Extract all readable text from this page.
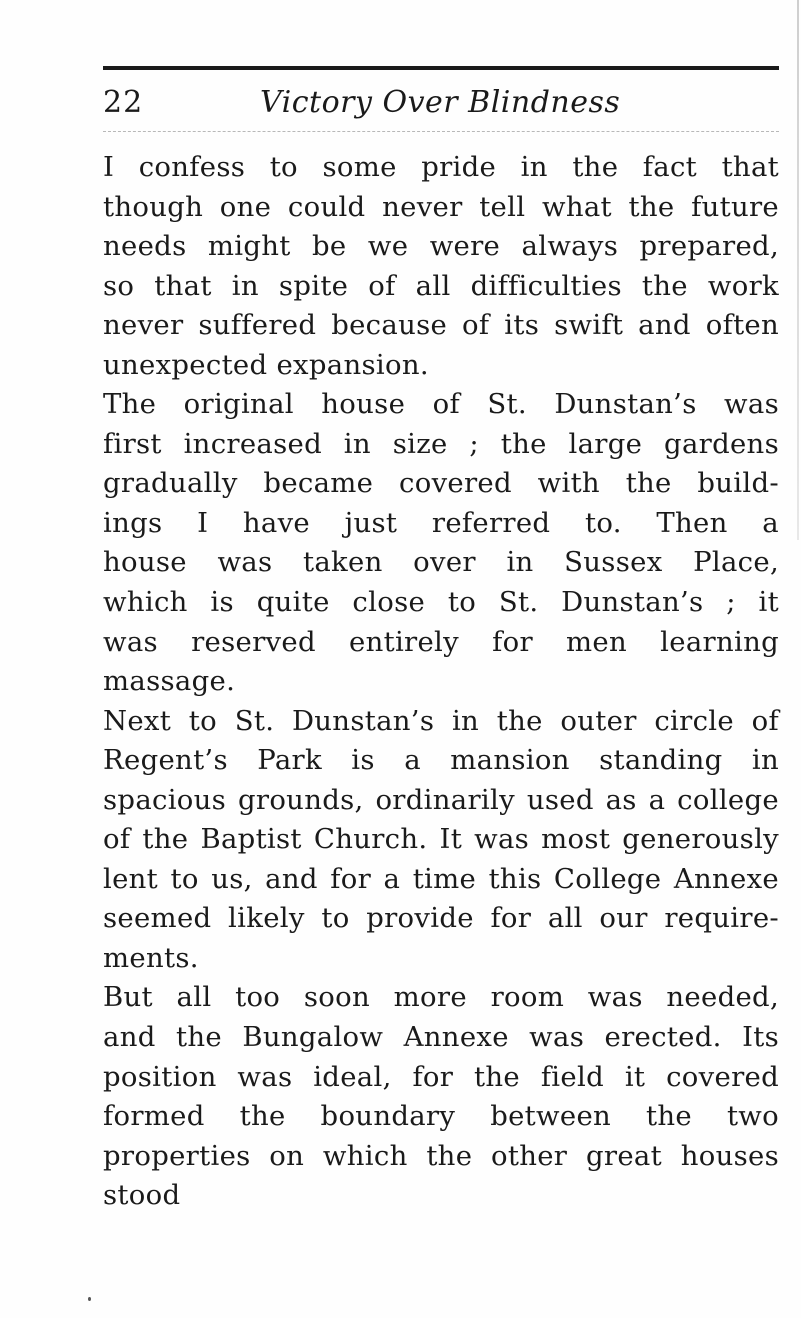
22	Victory Over Blindness
I confess to some pride in the fact that
though one could never tell what the future
needs might be we were always prepared,
so that in spite of all difficulties the work
never suffered because of its swift and often
unexpected expansion.
The original house of St. Dunstan’s was
first increased in size ; the large gardens
gradually became covered with the build-
ings I have just referred to. Then a
house was taken over in Sussex Place,
which is quite close to St. Dunstan’s ; it
was reserved entirely for men learning
massage.
Next to St. Dunstan’s in the outer circle of
Regent’s Park is a mansion standing in
spacious grounds, ordinarily used as a college
of the Baptist Church. It was most generously
lent to us, and for a time this College Annexe
seemed likely to provide for all our require-
ments.
But all too soon more room was needed,
and the Bungalow Annexe was erected. Its
position was ideal, for the field it covered
formed the boundary between the two
properties on which the other great houses
stood
